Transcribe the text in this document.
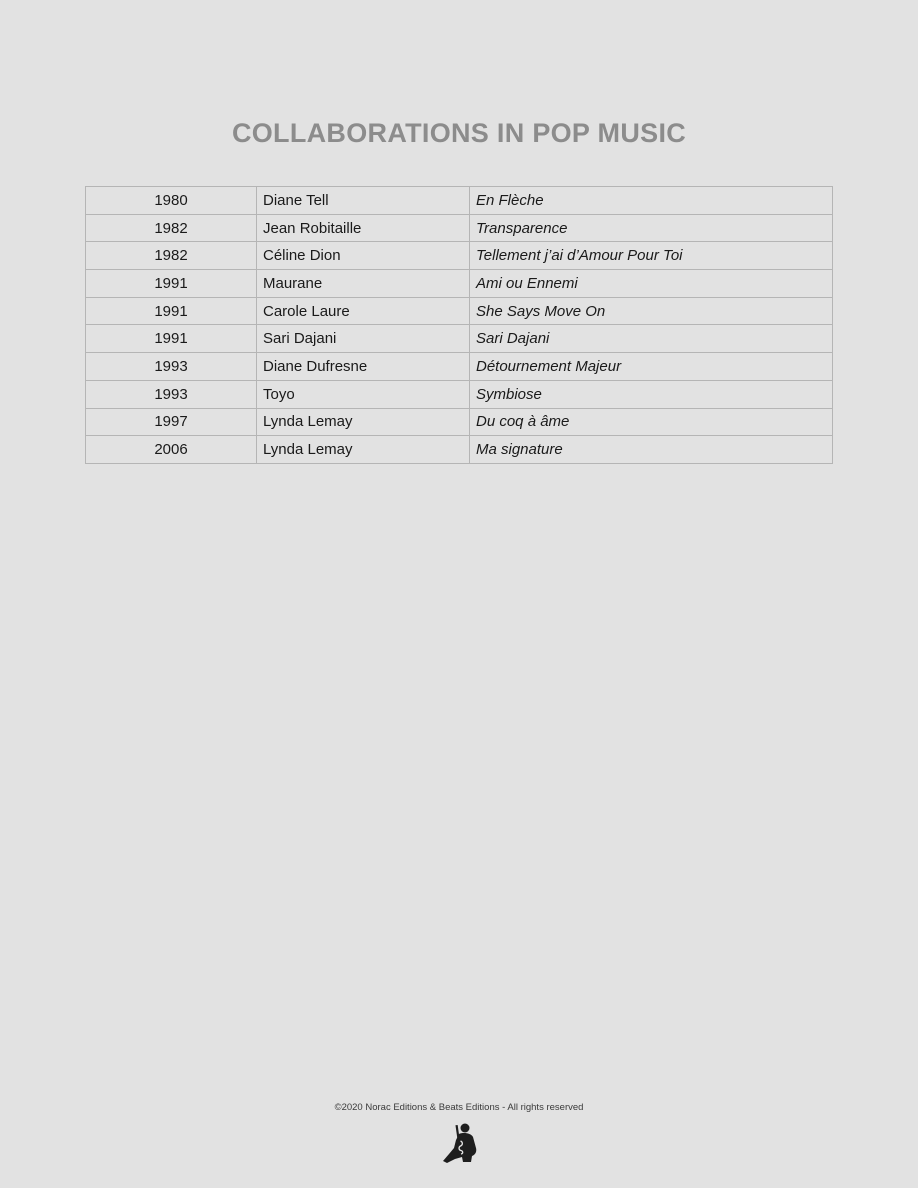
COLLABORATIONS IN POP MUSIC
1980	Diane Tell	En Flèche
1982	Jean Robitaille	Transparence
1982	Céline Dion	Tellement j’ai d’Amour Pour Toi
1991	Maurane	Ami ou Ennemi
1991	Carole Laure	She Says Move On
1991	Sari Dajani	Sari Dajani
1993	Diane Dufresne	Détournement Majeur
1993	Toyo	Symbiose
1997	Lynda Lemay	Du coq à âme
2006	Lynda Lemay	Ma signature

©2020 Norac Editions & Beats Editions - All rights reserved
